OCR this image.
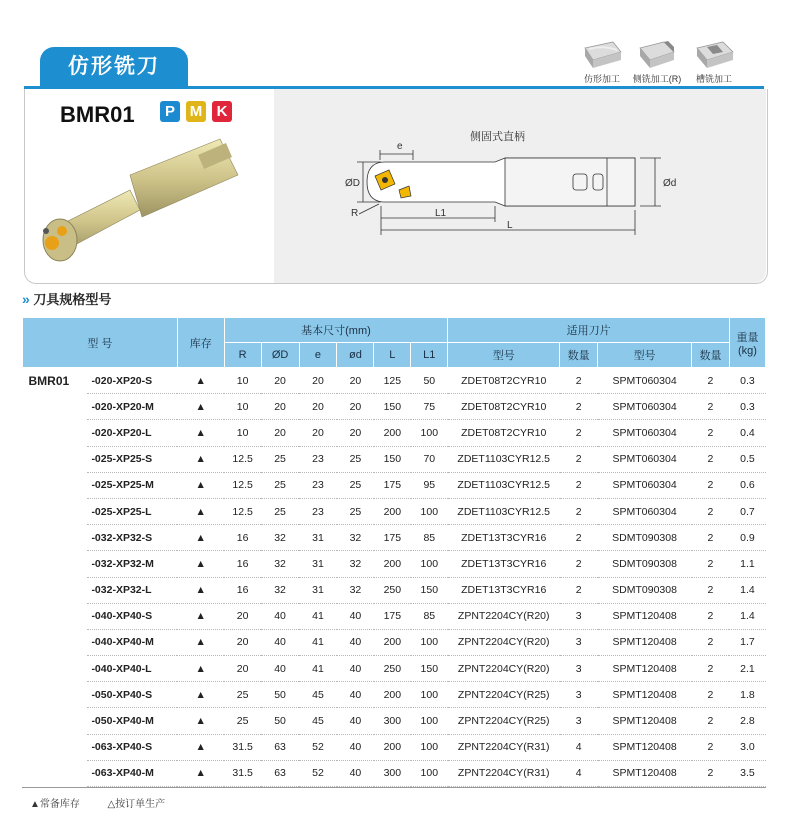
仿形铣刀
仿形加工	侧铣加工(R)	槽铣加工
BMR01	P M K
侧固式直柄
e
ØD	Ød
R	L1
L
» 刀具规格型号
型 号		库存	基本尺寸(mm)						适用刀片				重量
(kg)

			R	ØD	e	ød	L	L1	型号	数量	型号	数量	
BMR01	-020-XP20-S	▲	10	20	20	20	125	50	ZDET08T2CYR10	2	SPMT060304	2	0.3
	-020-XP20-M	▲	10	20	20	20	150	75	ZDET08T2CYR10	2	SPMT060304	2	0.3
	-020-XP20-L	▲	10	20	20	20	200	100	ZDET08T2CYR10	2	SPMT060304	2	0.4
	-025-XP25-S	▲	12.5	25	23	25	150	70	ZDET1103CYR12.5	2	SPMT060304	2	0.5
	-025-XP25-M	▲	12.5	25	23	25	175	95	ZDET1103CYR12.5	2	SPMT060304	2	0.6
	-025-XP25-L	▲	12.5	25	23	25	200	100	ZDET1103CYR12.5	2	SPMT060304	2	0.7
	-032-XP32-S	▲	16	32	31	32	175	85	ZDET13T3CYR16	2	SDMT090308	2	0.9
	-032-XP32-M	▲	16	32	31	32	200	100	ZDET13T3CYR16	2	SDMT090308	2	1.1
	-032-XP32-L	▲	16	32	31	32	250	150	ZDET13T3CYR16	2	SDMT090308	2	1.4
	-040-XP40-S	▲	20	40	41	40	175	85	ZPNT2204CY(R20)	3	SPMT120408	2	1.4
	-040-XP40-M	▲	20	40	41	40	200	100	ZPNT2204CY(R20)	3	SPMT120408	2	1.7
	-040-XP40-L	▲	20	40	41	40	250	150	ZPNT2204CY(R20)	3	SPMT120408	2	2.1
	-050-XP40-S	▲	25	50	45	40	200	100	ZPNT2204CY(R25)	3	SPMT120408	2	1.8
	-050-XP40-M	▲	25	50	45	40	300	100	ZPNT2204CY(R25)	3	SPMT120408	2	2.8
	-063-XP40-S	▲	31.5	63	52	40	200	100	ZPNT2204CY(R31)	4	SPMT120408	2	3.0
	-063-XP40-M	▲	31.5	63	52	40	300	100	ZPNT2204CY(R31)	4	SPMT120408	2	3.5
▲常备库存	△按订单生产
